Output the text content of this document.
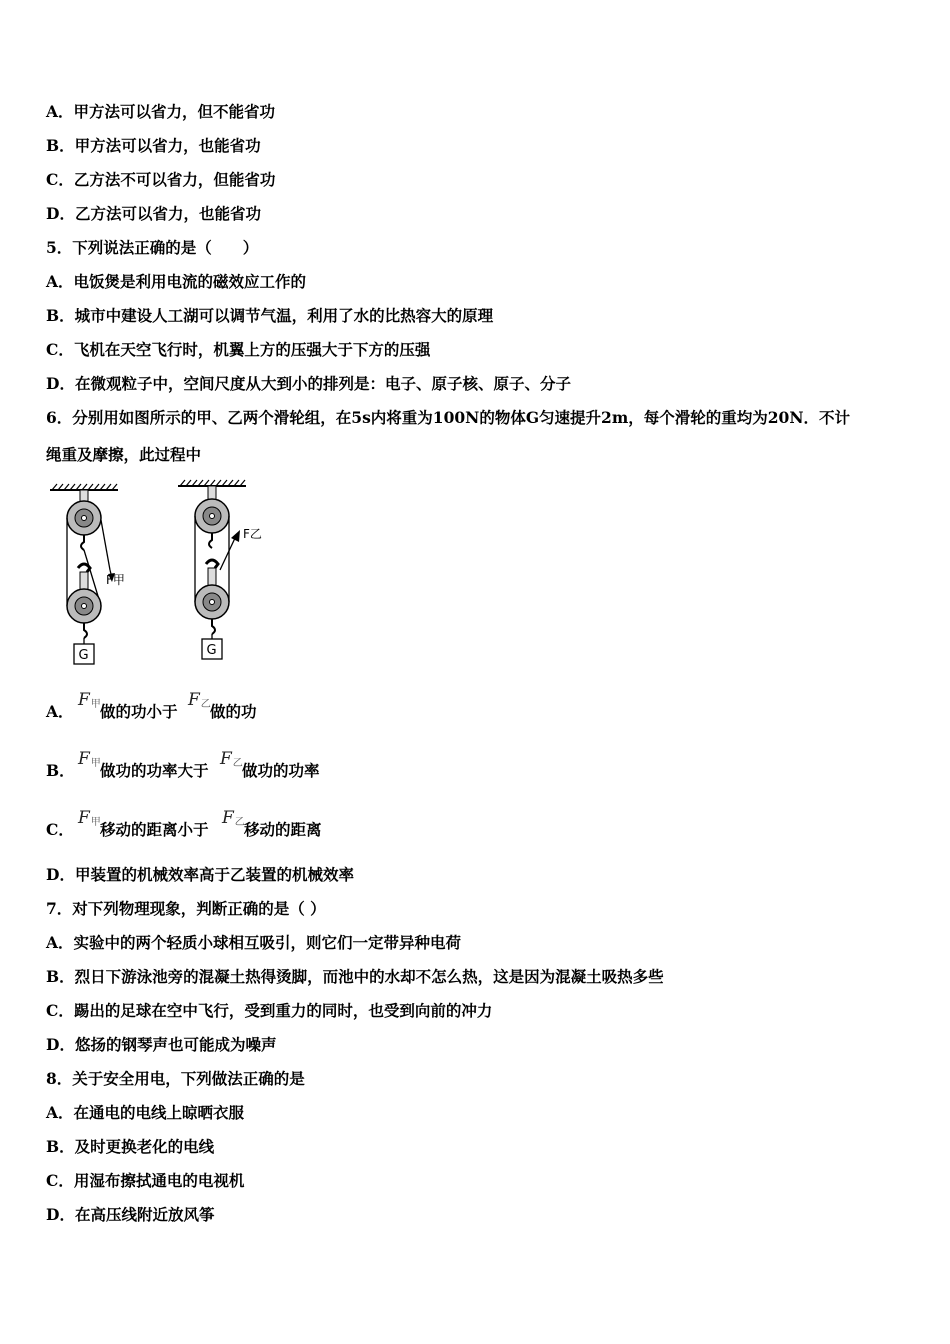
A．甲方法可以省力，但不能省功
B．甲方法可以省力，也能省功
C．乙方法不可以省力，但能省功
D．乙方法可以省力，也能省功
5．下列说法正确的是（　　）
A．电饭煲是利用电流的磁效应工作的
B．城市中建设人工湖可以调节气温，利用了水的比热容大的原理
C．飞机在天空飞行时，机翼上方的压强大于下方的压强
D．在微观粒子中，空间尺度从大到小的排列是：电子、原子核、原子、分子
6．分别用如图所示的甲、乙两个滑轮组，在5s内将重为100N的物体G匀速提升2m，每个滑轮的重均为20N．不计
绳重及摩擦，此过程中
F甲
G
F乙
G
A．
$F_甲$ 做的功小于
$F_乙$ 做的功
B．
$F_甲$ 做功的功率大于
$F_乙$ 做功的功率
C．
$F_甲$ 移动的距离小于
$F_乙$ 移动的距离
D．甲装置的机械效率高于乙装置的机械效率
7．对下列物理现象，判断正确的是（ ）
A．实验中的两个轻质小球相互吸引，则它们一定带异种电荷
B．烈日下游泳池旁的混凝土热得烫脚，而池中的水却不怎么热，这是因为混凝土吸热多些
C．踢出的足球在空中飞行，受到重力的同时，也受到向前的冲力
D．悠扬的钢琴声也可能成为噪声
8．关于安全用电，下列做法正确的是
A．在通电的电线上晾晒衣服
B．及时更换老化的电线
C．用湿布擦拭通电的电视机
D．在高压线附近放风筝
